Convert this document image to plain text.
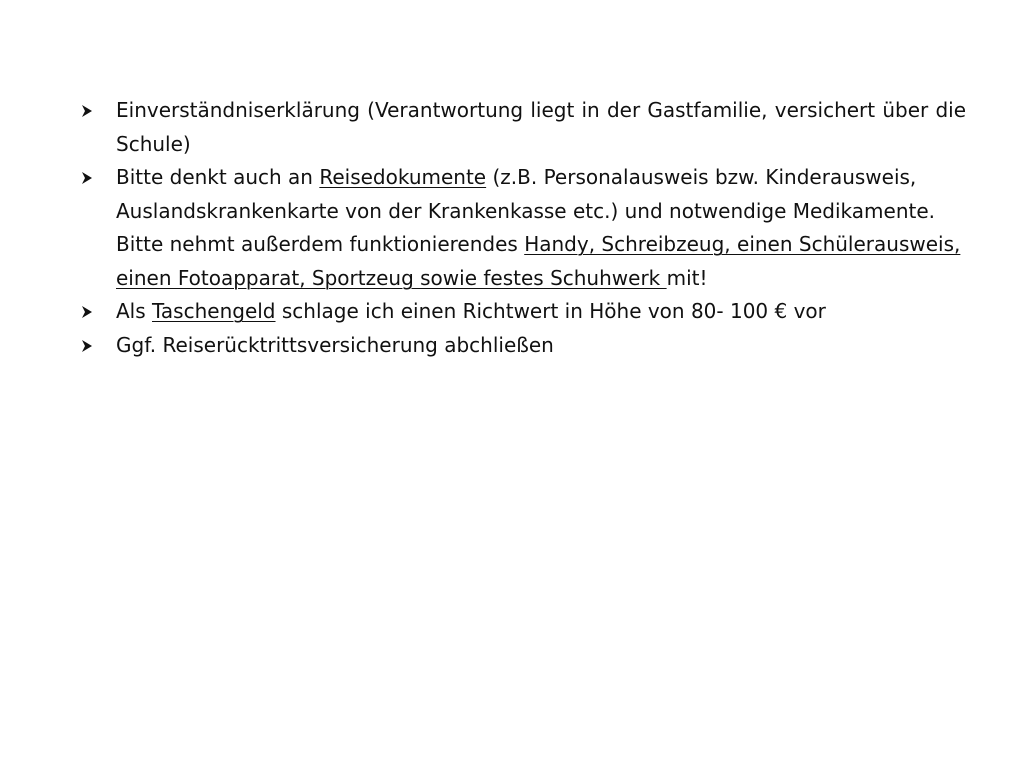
Einverständniserklärung (Verantwortung liegt in der Gastfamilie, versichert über die Schule)
Bitte denkt auch an Reisedokumente (z.B. Personalausweis bzw. Kinderausweis, Auslandskrankenkarte von der Krankenkasse etc.) und notwendige Medikamente. Bitte nehmt außerdem funktionierendes Handy, Schreibzeug, einen Schülerausweis, einen Fotoapparat, Sportzeug sowie festes Schuhwerk mit!
Als Taschengeld schlage ich einen Richtwert in Höhe von 80- 100 € vor
Ggf. Reiserücktrittsversicherung abchließen
